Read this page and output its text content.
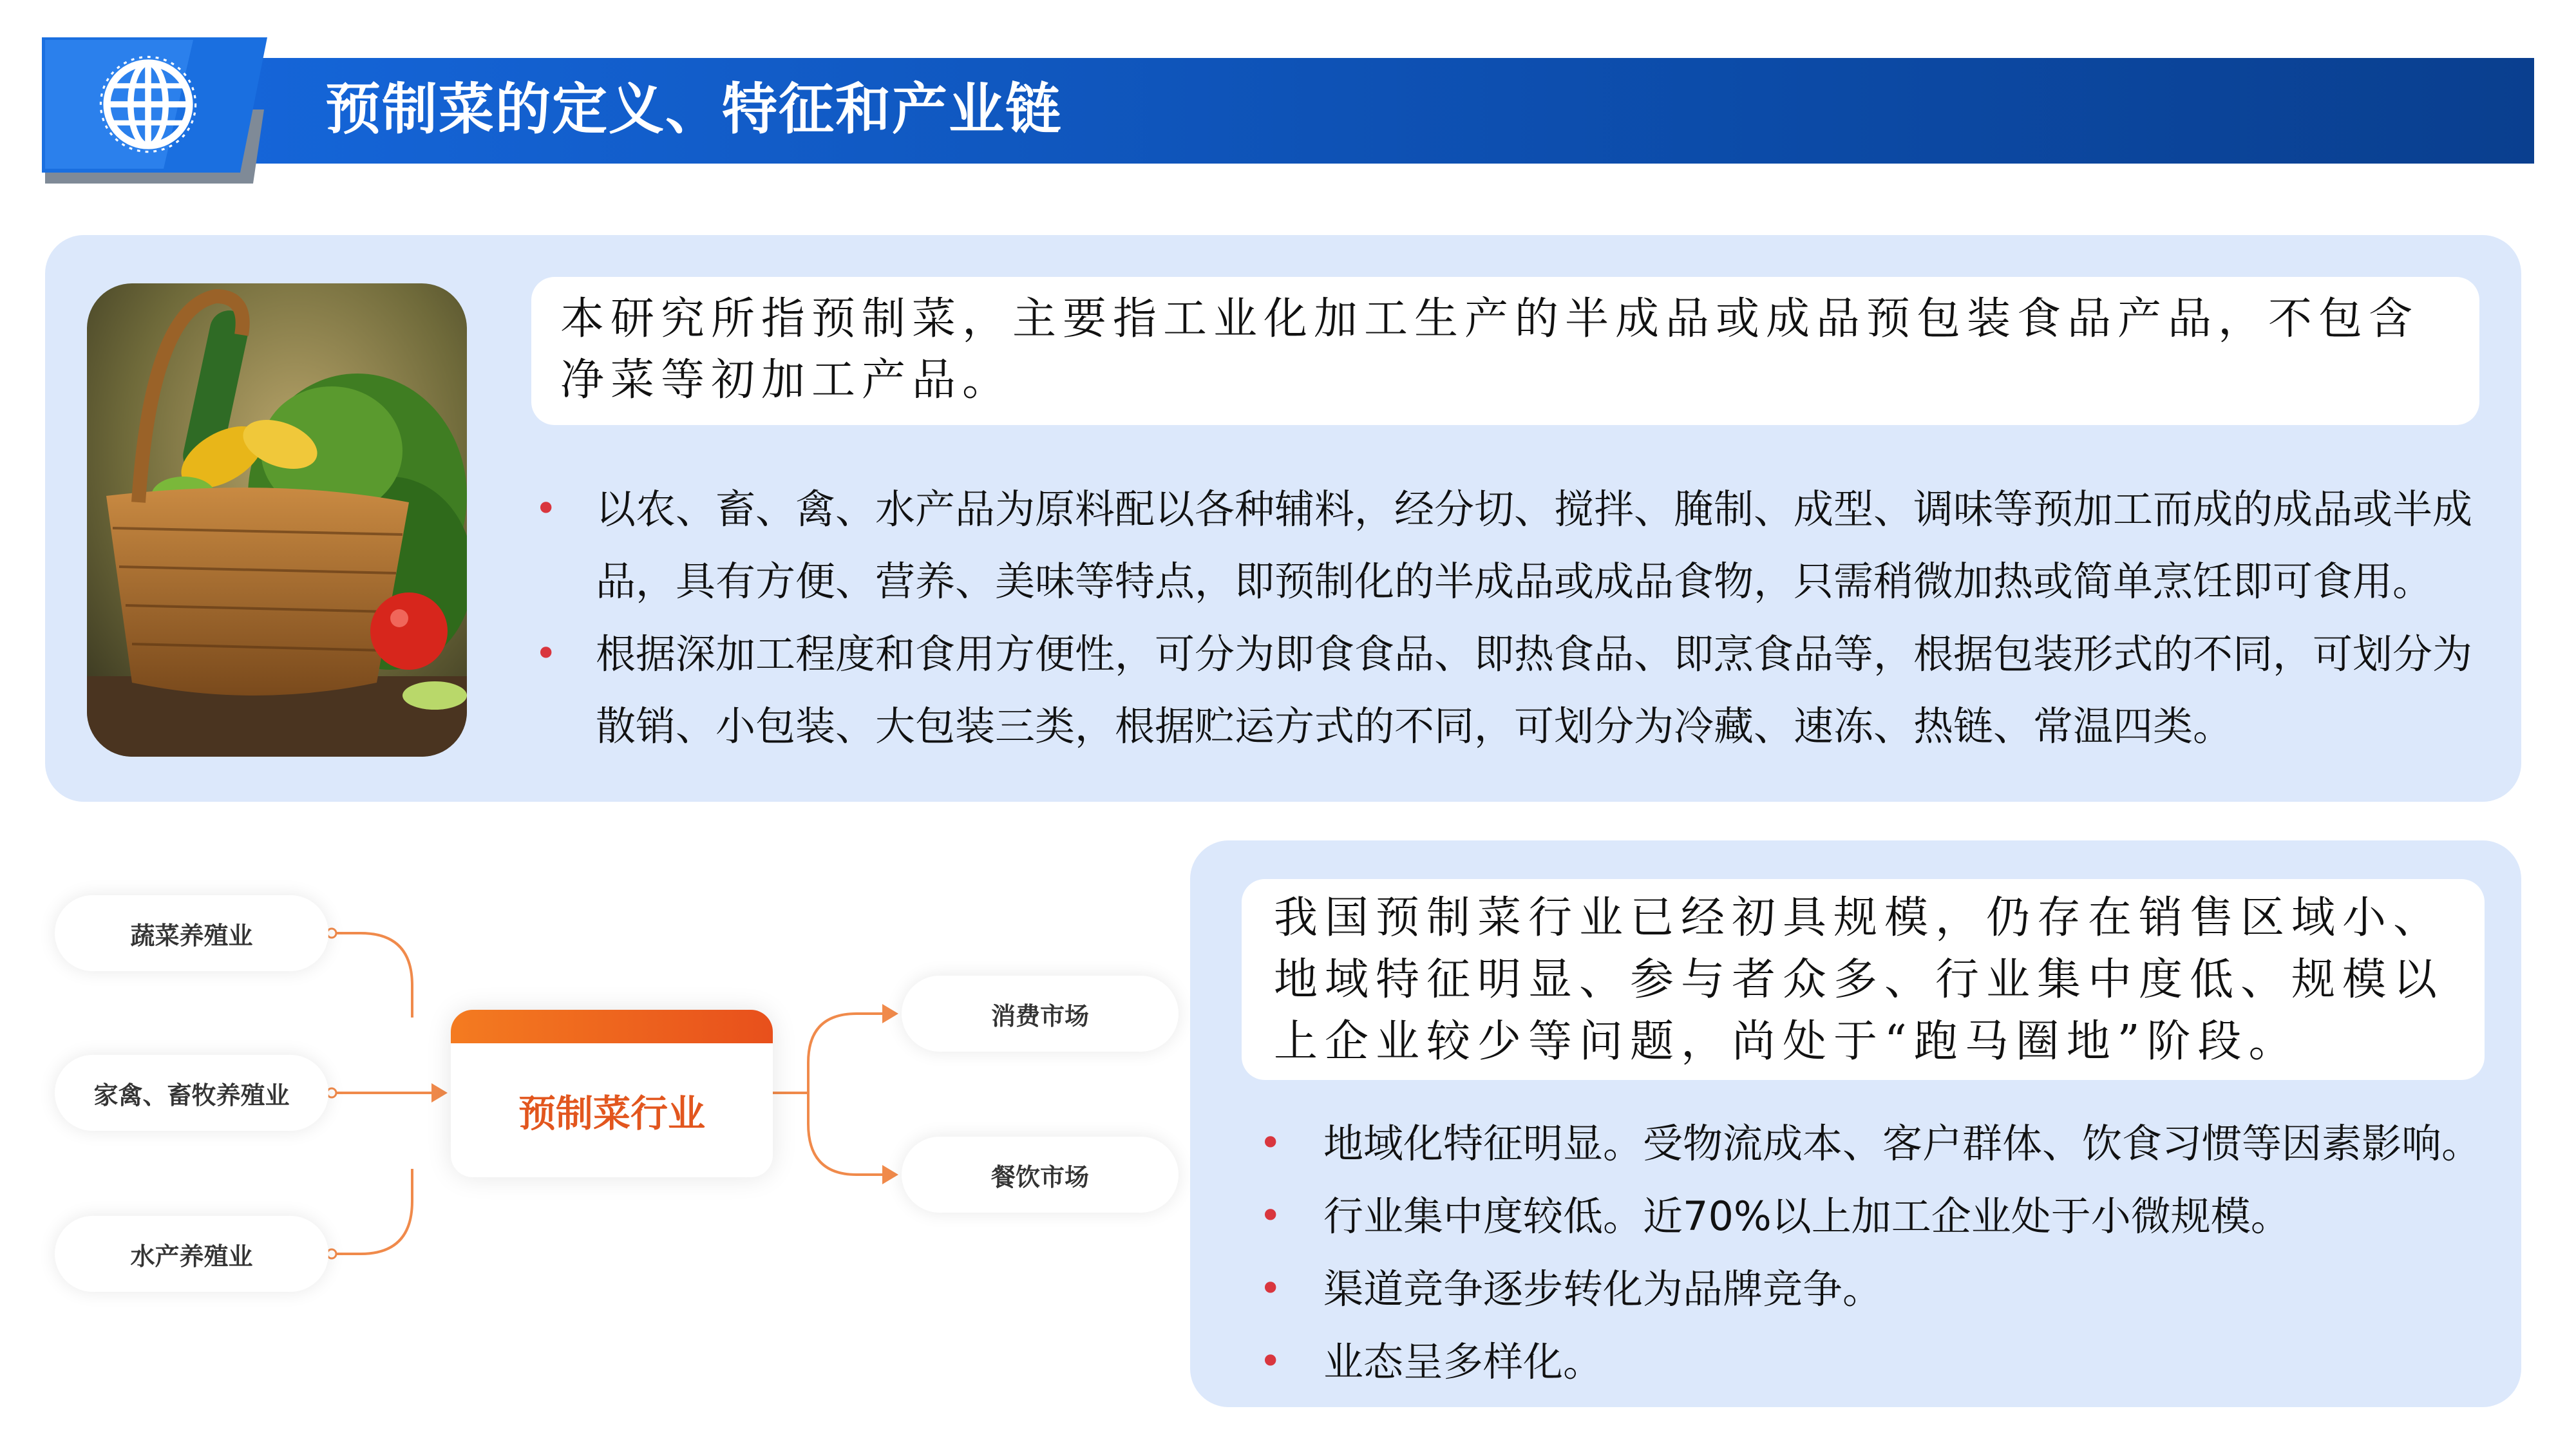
预制菜的定义、特征和产业链
本研究所指预制菜，主要指工业化加工生产的半成品或成品预包装食品产品，不包含净菜等初加工产品。
• 以农、畜、禽、水产品为原料配以各种辅料，经分切、搅拌、腌制、成型、调味等预加工而成的成品或半成品，具有方便、营养、美味等特点，即预制化的半成品或成品食物，只需稍微加热或简单烹饪即可食用。
• 根据深加工程度和食用方便性，可分为即食食品、即热食品、即烹食品等，根据包装形式的不同，可划分为散销、小包装、大包装三类，根据贮运方式的不同，可划分为冷藏、速冻、热链、常温四类。
蔬菜养殖业
家禽、畜牧养殖业
水产养殖业
预制菜行业
消费市场
餐饮市场
我国预制菜行业已经初具规模，仍存在销售区域小、地域特征明显、参与者众多、行业集中度低、规模以上企业较少等问题，尚处于“跑马圈地”阶段。
• 地域化特征明显。受物流成本、客户群体、饮食习惯等因素影响。
• 行业集中度较低。近70%以上加工企业处于小微规模。
• 渠道竞争逐步转化为品牌竞争。
• 业态呈多样化。
